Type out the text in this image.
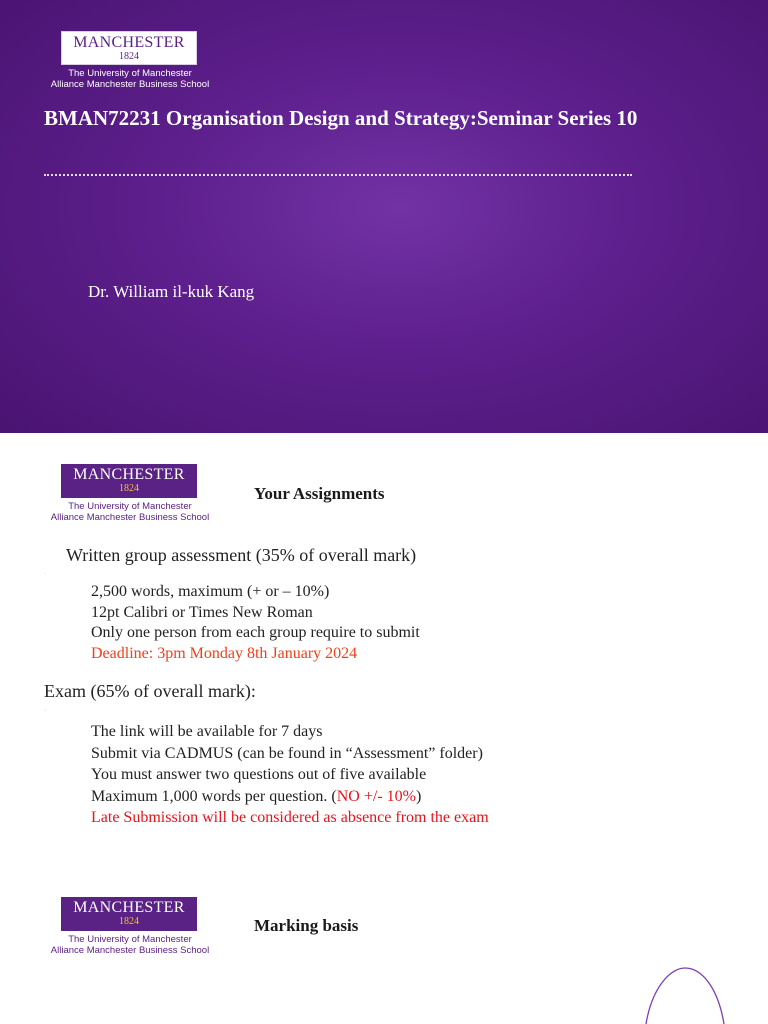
MANCHESTER
1824
The University of Manchester
Alliance Manchester Business School
BMAN72231 Organisation Design and Strategy:Seminar Series 10
Dr. William il-kuk Kang
MANCHESTER
1824
The University of Manchester
Alliance Manchester Business School
Your Assignments
Written group assessment (35% of overall mark)
·
2,500 words, maximum (+ or – 10%)
12pt Calibri or Times New Roman
Only one person from each group require to submit
Deadline: 3pm Monday 8th January 2024
Exam (65% of overall mark):
·
The link will be available for 7 days
Submit via CADMUS (can be found in “Assessment” folder)
You must answer two questions out of five available
Maximum 1,000 words per question. (NO +/- 10%)
Late Submission will be considered as absence from the exam
MANCHESTER
1824
The University of Manchester
Alliance Manchester Business School
Marking basis
